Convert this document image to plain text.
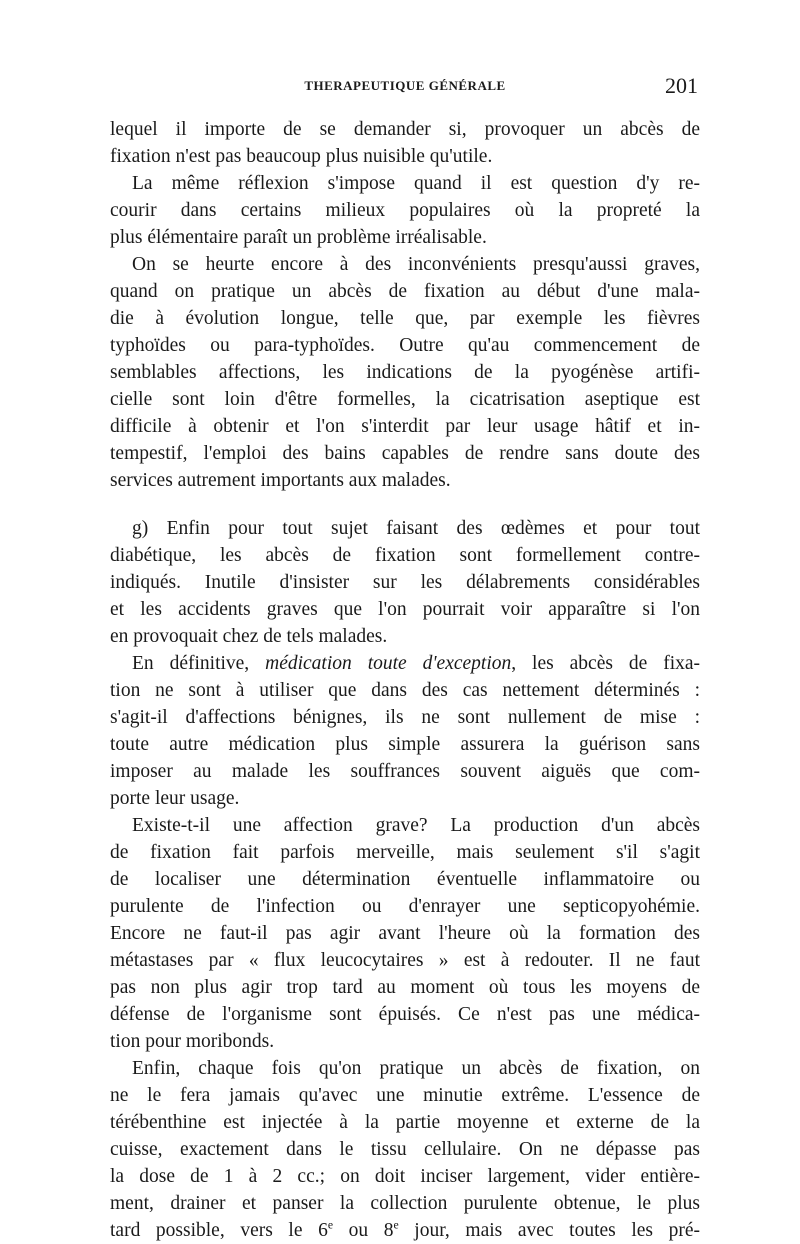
THERAPEUTIQUE GÉNÉRALE	201
lequel il importe de se demander si, provoquer un abcès de
fixation n'est pas beaucoup plus nuisible qu'utile.
La même réflexion s'impose quand il est question d'y re-
courir dans certains milieux populaires où la propreté la
plus élémentaire paraît un problème irréalisable.
On se heurte encore à des inconvénients presqu'aussi graves,
quand on pratique un abcès de fixation au début d'une mala-
die à évolution longue, telle que, par exemple les fièvres
typhoïdes ou para-typhoïdes. Outre qu'au commencement de
semblables affections, les indications de la pyogénèse artifi-
cielle sont loin d'être formelles, la cicatrisation aseptique est
difficile à obtenir et l'on s'interdit par leur usage hâtif et in-
tempestif, l'emploi des bains capables de rendre sans doute des
services autrement importants aux malades.
g) Enfin pour tout sujet faisant des œdèmes et pour tout
diabétique, les abcès de fixation sont formellement contre-
indiqués. Inutile d'insister sur les délabrements considérables
et les accidents graves que l'on pourrait voir apparaître si l'on
en provoquait chez de tels malades.
En définitive, médication toute d'exception, les abcès de fixa-
tion ne sont à utiliser que dans des cas nettement déterminés :
s'agit-il d'affections bénignes, ils ne sont nullement de mise :
toute autre médication plus simple assurera la guérison sans
imposer au malade les souffrances souvent aiguës que com-
porte leur usage.
Existe-t-il une affection grave? La production d'un abcès
de fixation fait parfois merveille, mais seulement s'il s'agit
de localiser une détermination éventuelle inflammatoire ou
purulente de l'infection ou d'enrayer une septicopyohémie.
Encore ne faut-il pas agir avant l'heure où la formation des
métastases par « flux leucocytaires » est à redouter. Il ne faut
pas non plus agir trop tard au moment où tous les moyens de
défense de l'organisme sont épuisés. Ce n'est pas une médica-
tion pour moribonds.
Enfin, chaque fois qu'on pratique un abcès de fixation, on
ne le fera jamais qu'avec une minutie extrême. L'essence de
térébenthine est injectée à la partie moyenne et externe de la
cuisse, exactement dans le tissu cellulaire. On ne dépasse pas
la dose de 1 à 2 cc.; on doit inciser largement, vider entière-
ment, drainer et panser la collection purulente obtenue, le plus
tard possible, vers le 6e ou 8e jour, mais avec toutes les pré-
